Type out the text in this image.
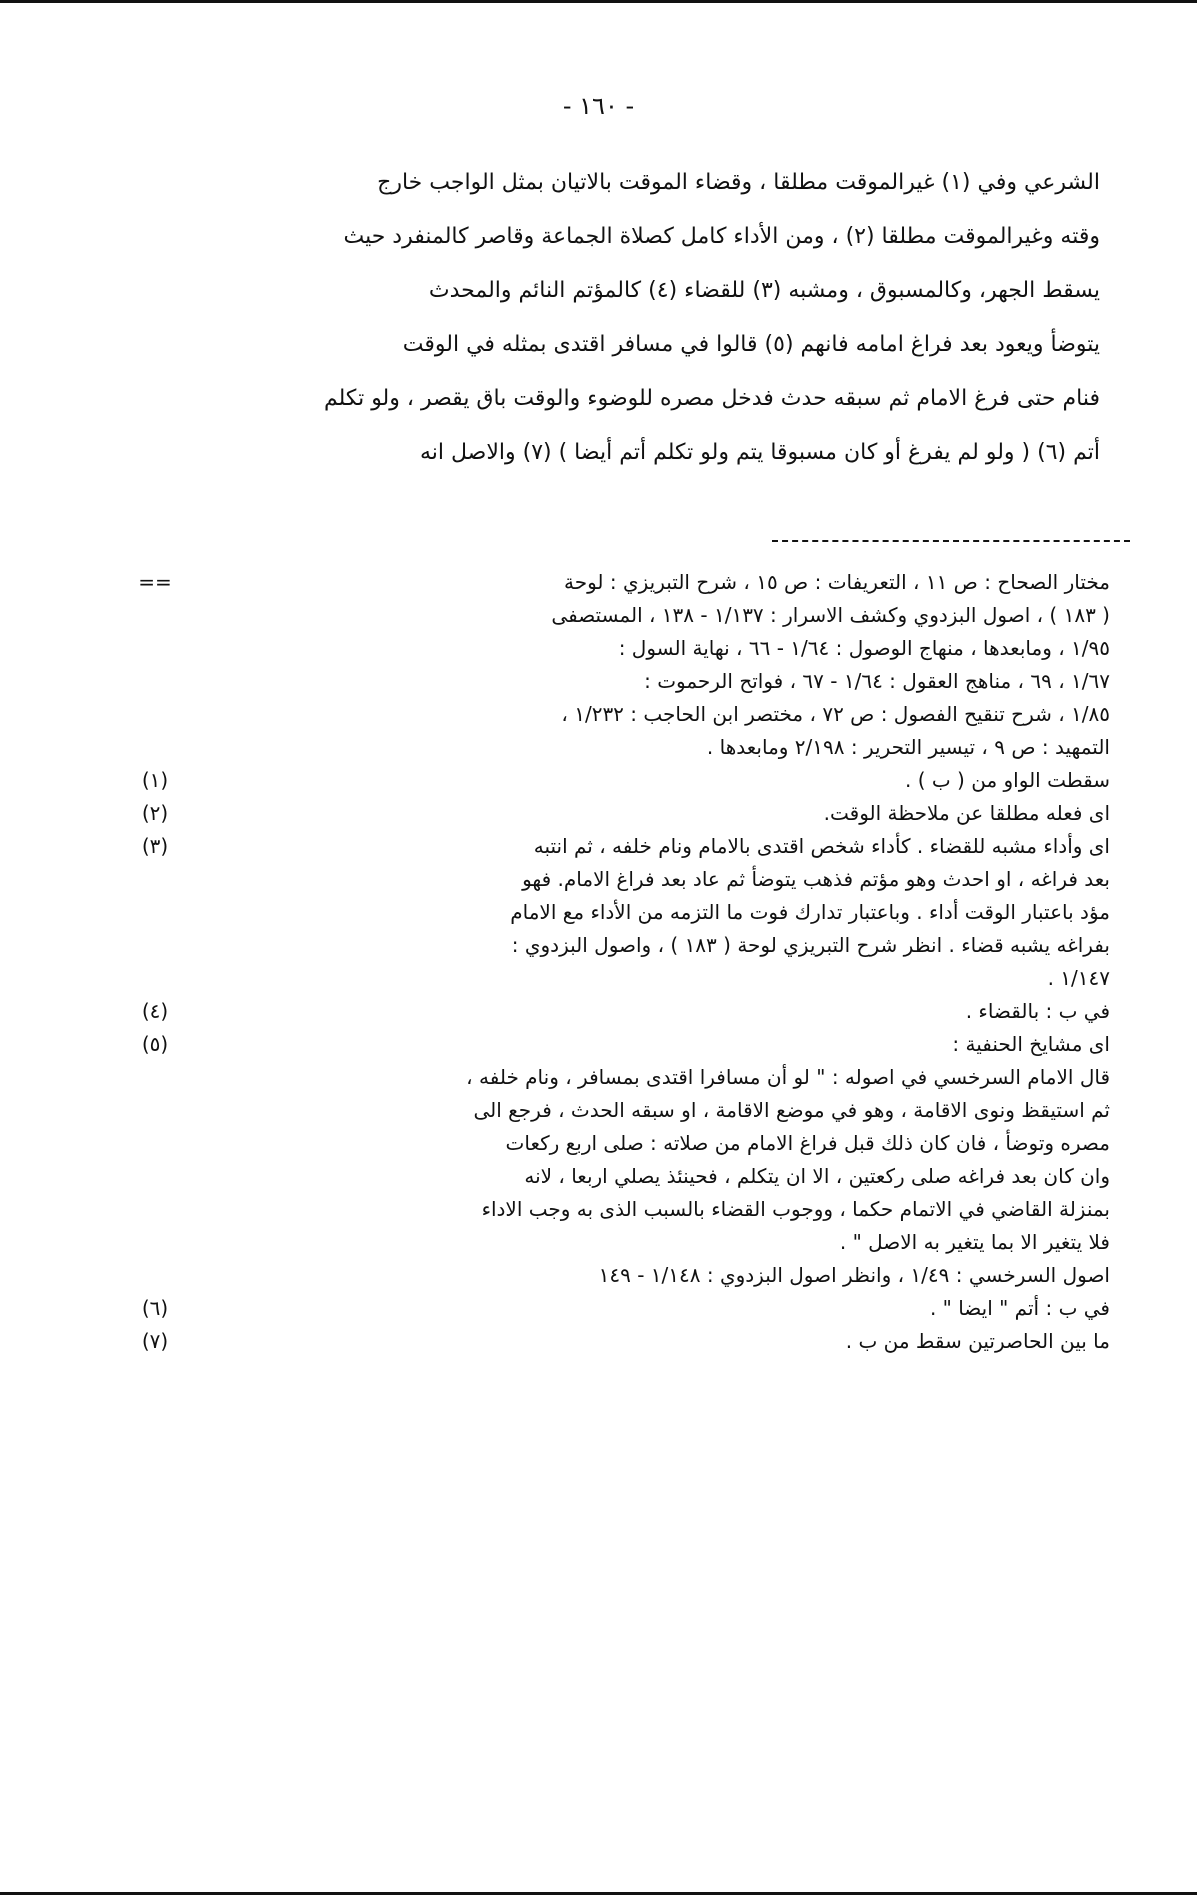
- ١٦٠ -

الشرعي وفي (١) غيرالموقت مطلقا ، وقضاء الموقت بالاتيان بمثل الواجب خارج

وقته وغيرالموقت مطلقا (٢) ، ومن الأداء كامل كصلاة الجماعة وقاصر كالمنفرد حيث

يسقط الجهر، وكالمسبوق ، ومشبه (٣) للقضاء (٤) كالمؤتم النائم والمحدث

يتوضأ ويعود بعد فراغ امامه فانهم (٥) قالوا في مسافر اقتدى بمثله في الوقت

فنام حتى فرغ الامام ثم سبقه حدث فدخل مصره للوضوء والوقت باق يقصر ، ولو تكلم

أتم (٦) ( ولو لم يفرغ أو كان مسبوقا يتم ولو تكلم أتم أيضا ) (٧) والاصل انه

مختار الصحاح : ص ١١ ، التعريفات : ص ١٥ ، شرح التبريزي : لوحة
( ١٨٣ ) ، اصول البزدوي وكشف الاسرار : ١/١٣٧ - ١٣٨ ، المستصفى
١/٩٥ ، ومابعدها ، منهاج الوصول : ١/٦٤ - ٦٦ ، نهاية السول :
١/٦٧ ، ٦٩ ، مناهج العقول : ١/٦٤ - ٦٧ ، فواتح الرحموت :
١/٨٥ ، شرح تنقيح الفصول : ص ٧٢ ، مختصر ابن الحاجب : ١/٢٣٢ ،
التمهيد : ص ٩ ، تيسير التحرير : ٢/١٩٨ ومابعدها .
==
سقطت الواو من ( ب ) .
(١)
اى فعله مطلقا عن ملاحظة الوقت.
(٢)
اى وأداء مشبه للقضاء . كأداء شخص اقتدى بالامام ونام خلفه ، ثم انتبه
بعد فراغه ، او احدث وهو مؤتم فذهب يتوضأ ثم عاد بعد فراغ الامام. فهو
مؤد باعتبار الوقت أداء . وباعتبار تدارك فوت ما التزمه من الأداء مع الامام
بفراغه يشبه قضاء . انظر شرح التبريزي لوحة ( ١٨٣ ) ، واصول البزدوي :
١/١٤٧ .
(٣)
في ب : بالقضاء .
(٤)
اى مشايخ الحنفية :
قال الامام السرخسي في اصوله : " لو أن مسافرا اقتدى بمسافر ، ونام خلفه ،
ثم استيقظ ونوى الاقامة ، وهو في موضع الاقامة ، او سبقه الحدث ، فرجع الى
مصره وتوضأ ، فان كان ذلك قبل فراغ الامام من صلاته : صلى اربع ركعات
وان كان بعد فراغه صلى ركعتين ، الا ان يتكلم ، فحينئذ يصلي اربعا ، لانه
بمنزلة القاضي في الاتمام حكما ، ووجوب القضاء بالسبب الذى به وجب الاداء
فلا يتغير الا بما يتغير به الاصل " .
اصول السرخسي : ١/٤٩ ، وانظر اصول البزدوي : ١/١٤٨ - ١٤٩
(٥)
في ب : أتم " ايضا " .
(٦)
ما بين الحاصرتين سقط من ب .
(٧)
